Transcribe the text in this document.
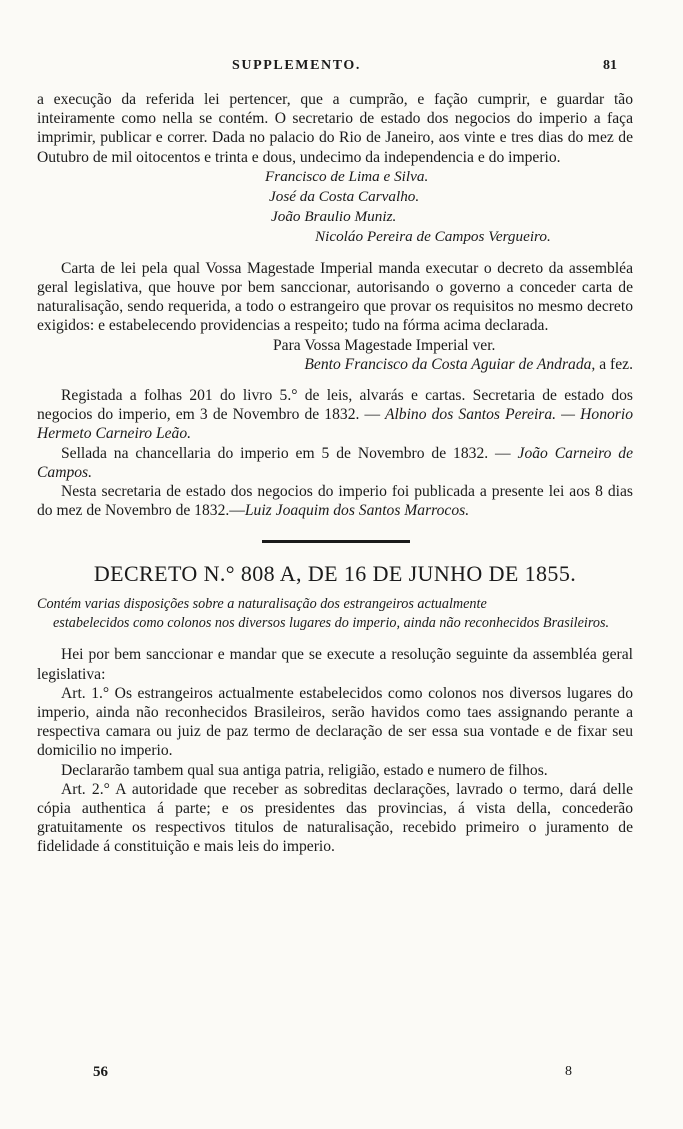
SUPPLEMENTO.	81

a execução da referida lei pertencer, que a cumprão, e fação cumprir, e guardar tão inteiramente como nella se contém. O secretario de estado dos negocios do imperio a faça imprimir, publicar e correr. Dada no palacio do Rio de Janeiro, aos vinte e tres dias do mez de Outubro de mil oitocentos e trinta e dous, undecimo da independencia e do imperio.

Francisco de Lima e Silva.
José da Costa Carvalho.
João Braulio Muniz.
Nicoláo Pereira de Campos Vergueiro.

Carta de lei pela qual Vossa Magestade Imperial manda executar o decreto da assembléa geral legislativa, que houve por bem sanccionar, autorisando o governo a conceder carta de naturalisação, sendo requerida, a todo o estrangeiro que provar os requisitos no mesmo decreto exigidos: e estabelecendo providencias a respeito; tudo na fórma acima declarada.

Para Vossa Magestade Imperial ver.

Bento Francisco da Costa Aguiar de Andrada, a fez.

Registada a folhas 201 do livro 5.° de leis, alvarás e cartas. Secretaria de estado dos negocios do imperio, em 3 de Novembro de 1832. — Albino dos Santos Pereira. — Honorio Hermeto Carneiro Leão.

Sellada na chancellaria do imperio em 5 de Novembro de 1832. — João Carneiro de Campos.

Nesta secretaria de estado dos negocios do imperio foi publicada a presente lei aos 8 dias do mez de Novembro de 1832.—Luiz Joaquim dos Santos Marrocos.

DECRETO N.° 808 A, DE 16 DE JUNHO DE 1855.
Contém varias disposições sobre a naturalisação dos estrangeiros actualmente
estabelecidos como colonos nos diversos lugares do imperio, ainda não reconhecidos Brasileiros.

Hei por bem sanccionar e mandar que se execute a resolução seguinte da assembléa geral legislativa:

Art. 1.° Os estrangeiros actualmente estabelecidos como colonos nos diversos lugares do imperio, ainda não reconhecidos Brasileiros, serão havidos como taes assignando perante a respectiva camara ou juiz de paz termo de declaração de ser essa sua vontade e de fixar seu domicilio no imperio.

Declararão tambem qual sua antiga patria, religião, estado e numero de filhos.

Art. 2.° A autoridade que receber as sobreditas declarações, lavrado o termo, dará delle cópia authentica á parte; e os presidentes das provincias, á vista della, concederão gratuitamente os respectivos titulos de naturalisação, recebido primeiro o juramento de fidelidade á constituição e mais leis do imperio.

56	8
